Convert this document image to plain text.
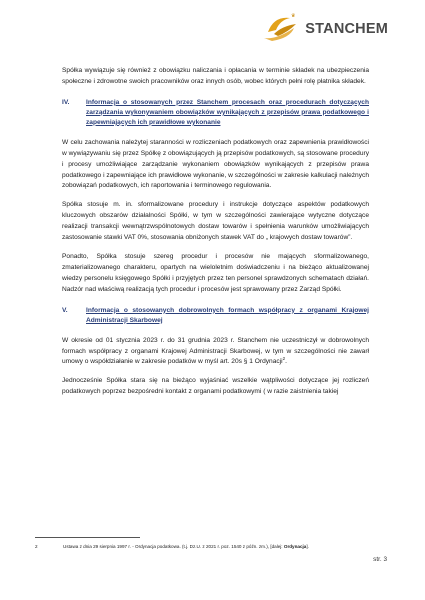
♛
STANCHEM

Spółka wywiązuje się również z obowiązku naliczania i opłacania w terminie składek na ubezpieczenia społeczne i zdrowotne swoich pracowników oraz innych osób, wobec których pełni rolę płatnika składek.

IV.	Informacja o stosowanych przez Stanchem procesach oraz procedurach dotyczących zarządzania wykonywaniem obowiązków wynikających z przepisów prawa podatkowego i zapewniających ich prawidłowe wykonanie

W celu zachowania należytej staranności w rozliczeniach podatkowych oraz zapewnienia prawidłowości w wywiązywaniu się przez Spółkę z obowiązujących ją przepisów podatkowych, są stosowane procedury i procesy umożliwiające zarządzanie wykonaniem obowiązków wynikających z przepisów prawa podatkowego i zapewniające ich prawidłowe wykonanie, w szczególności w zakresie kalkulacji należnych zobowiązań podatkowych, ich raportowania i terminowego regulowania.

Spółka stosuje m. in. sformalizowane procedury i instrukcje dotyczące aspektów podatkowych kluczowych obszarów działalności Spółki, w tym w szczególności zawierające wytyczne dotyczące realizacji transakcji wewnątrzwspólnotowych dostaw towarów i spełnienia warunków umożliwiających zastosowanie stawki VAT 0%, stosowania obniżonych stawek VAT do „ krajowych dostaw towarów”.

Ponadto, Spółka stosuje szereg procedur i procesów nie mających sformalizowanego, zmaterializowanego charakteru, opartych na wieloletnim doświadczeniu i na bieżąco aktualizowanej wiedzy personelu księgowego Spółki i przyjętych przez ten personel sprawdzonych schematach działań. Nadzór nad właściwą realizacją tych procedur i procesów jest sprawowany przez Zarząd Spółki.

V.	Informacja o stosowanych dobrowolnych formach współpracy z organami Krajowej Administracji Skarbowej

W okresie od 01 stycznia 2023 r. do 31 grudnia 2023 r. Stanchem nie uczestniczył w dobrowolnych formach współpracy z organami Krajowej Administracji Skarbowej, w tym w szczególności nie zawarł umowy o współdziałanie w zakresie podatków w myśl art. 20s § 1 Ordynacji$^2$.

Jednocześnie Spółka stara się na bieżąco wyjaśniać wszelkie wątpliwości dotyczące jej rozliczeń podatkowych poprzez bezpośredni kontakt z organami podatkowymi ( w razie zaistnienia takiej

2	Ustawa z dnia 29 sierpnia 1997 r. - Ordynacja podatkowa. (t.j. Dz.U. z 2021 r. poz. 1540 z późn. zm.), [dalej: Ordynacja].
str. 3
